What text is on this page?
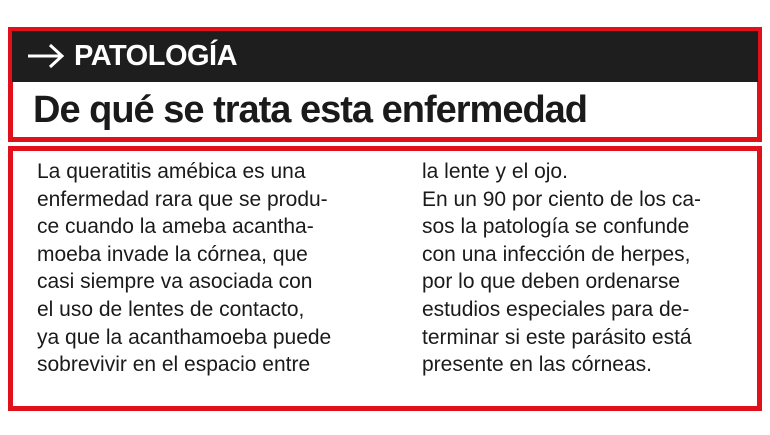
PATOLOGÍA
De qué se trata esta enfermedad
La queratitis amébica es una
enfermedad rara que se produ-
ce cuando la ameba acantha-
moeba invade la córnea, que
casi siempre va asociada con
el uso de lentes de contacto,
ya que la acanthamoeba puede
sobrevivir en el espacio entre
la lente y el ojo.
En un 90 por ciento de los ca-
sos la patología se confunde
con una infección de herpes,
por lo que deben ordenarse
estudios especiales para de-
terminar si este parásito está
presente en las córneas.
